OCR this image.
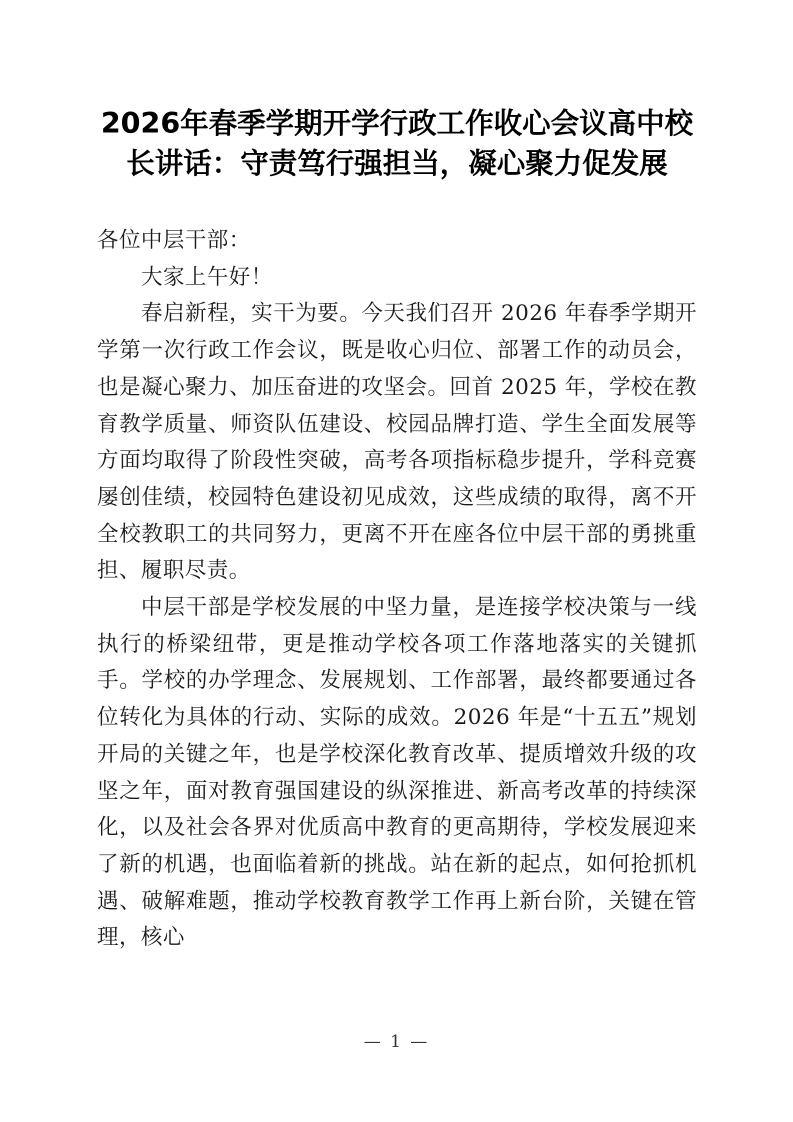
2026年春季学期开学行政工作收心会议高中校长讲话：守责笃行强担当，凝心聚力促发展

各位中层干部：

大家上午好！

春启新程，实干为要。今天我们召开 2026 年春季学期开学第一次行政工作会议，既是收心归位、部署工作的动员会，也是凝心聚力、加压奋进的攻坚会。回首 2025 年，学校在教育教学质量、师资队伍建设、校园品牌打造、学生全面发展等方面均取得了阶段性突破，高考各项指标稳步提升，学科竞赛屡创佳绩，校园特色建设初见成效，这些成绩的取得，离不开全校教职工的共同努力，更离不开在座各位中层干部的勇挑重担、履职尽责。

中层干部是学校发展的中坚力量，是连接学校决策与一线执行的桥梁纽带，更是推动学校各项工作落地落实的关键抓手。学校的办学理念、发展规划、工作部署，最终都要通过各位转化为具体的行动、实际的成效。2026 年是“十五五”规划开局的关键之年，也是学校深化教育改革、提质增效升级的攻坚之年，面对教育强国建设的纵深推进、新高考改革的持续深化，以及社会各界对优质高中教育的更高期待，学校发展迎来了新的机遇，也面临着新的挑战。站在新的起点，如何抢抓机遇、破解难题，推动学校教育教学工作再上新台阶，关键在管理，核心

— 1 —
